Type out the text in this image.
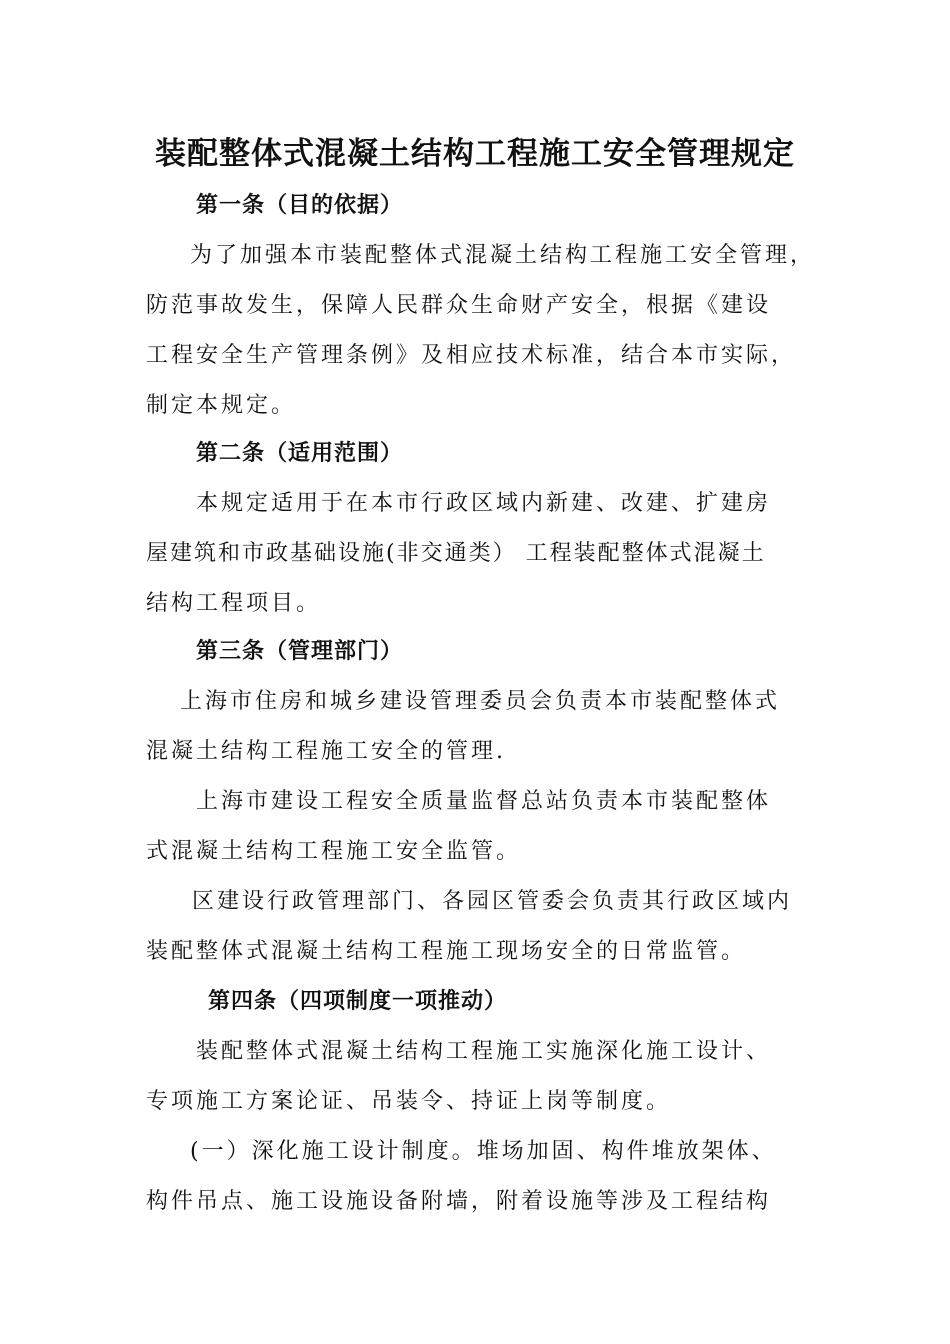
装配整体式混凝土结构工程施工安全管理规定
第一条（目的依据）
为了加强本市装配整体式混凝土结构工程施工安全管理，
防范事故发生，保障人民群众生命财产安全，根据《建设
工程安全生产管理条例》及相应技术标准，结合本市实际，
制定本规定。
第二条（适用范围）
本规定适用于在本市行政区域内新建、改建、扩建房
屋建筑和市政基础设施(非交通类） 工程装配整体式混凝土
结构工程项目。
第三条（管理部门）
上海市住房和城乡建设管理委员会负责本市装配整体式
混凝土结构工程施工安全的管理.
上海市建设工程安全质量监督总站负责本市装配整体
式混凝土结构工程施工安全监管。
区建设行政管理部门、各园区管委会负责其行政区域内
装配整体式混凝土结构工程施工现场安全的日常监管。
第四条（四项制度一项推动）
装配整体式混凝土结构工程施工实施深化施工设计、
专项施工方案论证、吊装令、持证上岗等制度。
(一）深化施工设计制度。堆场加固、构件堆放架体、
构件吊点、施工设施设备附墙，附着设施等涉及工程结构
